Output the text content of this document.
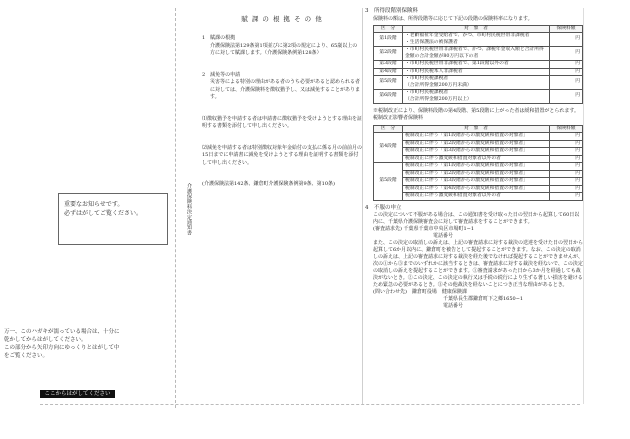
重要なお知らせです。
必ずはがしてご覧ください。	介護保険料決定通知書

万一、このハガキが濡っている場合は、十分に乾かしてからはがしてください。
この部分から矢印方向にゆっくりとはがして中をご覧ください。

ここからはがしてください
賦 課 の 根 拠 そ の 他

1　賦課の根拠

介護保険法第129条第1項並びに第2項の規定により、65歳以上の方に対して賦課します。（介護保険条例第128条）

2　減免等の申請

災害等による特別の理由がある者のうち必要があると認められる者に対しては、介護保険料を徴収猶予し、又は減免することがあります。

⑴徴収猶予を申請する者は申請書に徴収猶予を受けようとする理由を証明する書類を添付して申し出ください。

⑵減免を申請する者は特別徴収対象年金給付の支払に係る月の前前月の15日までに申請書に減免を受けようとする理由を証明する書類を添付して申し出ください。

(介護保険法第142条、鎌倉町介護保険条例第9条、第10条)

3　所得段階別保険料

保険料の額は、所得段階等に応じて下記の段階の保険料率になります。

区　分	対　象　者	保険料額
第1段階	・老齢福祉年金受給者で、かつ、市町村民税世帯非課税者
・生活保護法の被保護者	円
第2段階	・市町村民税世帯非課税者で、かつ、課税年金収入額と合計所得金額の合計金額が80万円以下の者	円
第3段階	・市町村民税世帯非課税者で、第1段階以外の者	円
第4段階	・市町村民税本人非課税者	円
第5段階	・市町村民税課税者
（合計所得金額200万円未満）	円
第6段階	・市町村民税課税者
（合計所得金額200万円以上）	円

※税制改正により、保険料段階の第4段階、第5段階に上がった者は緩和措置がとられます。

税制改正影響者保険料

区　分	対　象　者	保険料額
第4段階	税制改正に伴う「第1段階からの激変緩和措置の対象者」	円
	税制改正に伴う「第2段階からの激変緩和措置の対象者」	円
	税制改正に伴う「第3段階からの激変緩和措置の対象者」	円
	税制改正に伴う激変緩和措置対象者以外の者	円
第5段階	税制改正に伴う「第1段階からの激変緩和措置の対象者」	円
	税制改正に伴う「第2段階からの激変緩和措置の対象者」	円
	税制改正に伴う「第3段階からの激変緩和措置の対象者」	円
	税制改正に伴う「第4段階からの激変緩和措置の対象者」	円
	税制改正に伴う激変緩和措置対象者以外の者	円

4　不服の申立

この決定について不服がある場合は、この通知書を受け取った日の翌日から起算して60日以内に、千葉県介護保険審査会に対して審査請求をすることができます。

(審査請求先) 千葉県千葉市中央区市場町1−1

電話番号

また、この決定の取消しの訴えは、上記の審査請求に対する裁決の送達を受けた日の翌日から起算して6か月以内に、鎌倉町を被告として提起することができます。なお、この決定の取消しの訴えは、上記の審査請求に対する裁決を経た後でなければ提起することができませんが、次の①から③までのいずれかに該当するときは、審査請求に対する裁決を経ないで、この決定の取消しの訴えを提起することができます。①審査請求があった日から3か月を経過しても裁決がないとき。②この決定、この決定の執行又は手続の続行により生ずる著しい損害を避けるため緊急の必要があるとき。③その他裁決を経ないことにつき正当な理由があるとき。

(問い合わせ先)　鎌倉町役場　健康保険課

千葉県長生郡鎌倉町下之郷1650−1

電話番号
